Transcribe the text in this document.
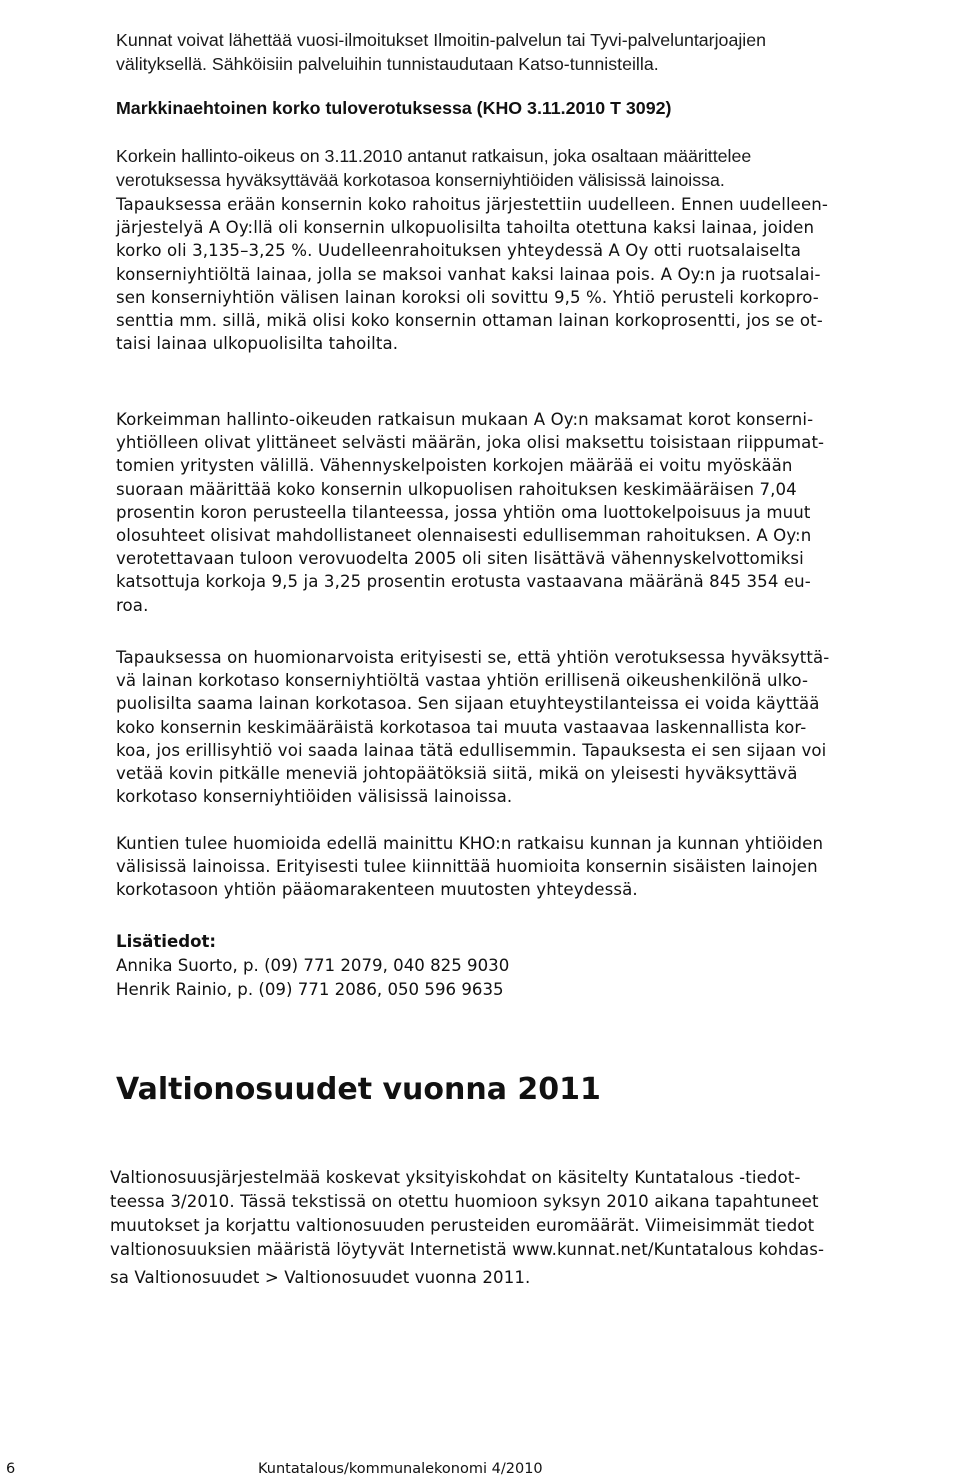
Kunnat voivat lähettää vuosi-ilmoitukset Ilmoitin-palvelun tai Tyvi-palveluntarjoajien
välityksellä. Sähköisiin palveluihin tunnistaudutaan Katso-tunnisteilla.

Markkinaehtoinen korko tuloverotuksessa (KHO 3.11.2010 T 3092)

Korkein hallinto-oikeus on 3.11.2010 antanut ratkaisun, joka osaltaan määrittelee
verotuksessa hyväksyttävää korkotasoa konserniyhtiöiden välisissä lainoissa.

Tapauksessa erään konsernin koko rahoitus järjestettiin uudelleen. Ennen uudelleen-
järjestelyä A Oy:llä oli konsernin ulkopuolisilta tahoilta otettuna kaksi lainaa, joiden
korko oli 3,135–3,25 %. Uudelleenrahoituksen yhteydessä A Oy otti ruotsalaiselta
konserniyhtiöltä lainaa, jolla se maksoi vanhat kaksi lainaa pois. A Oy:n ja ruotsalai-
sen konserniyhtiön välisen lainan koroksi oli sovittu 9,5 %. Yhtiö perusteli korkopro-
senttia mm. sillä, mikä olisi koko konsernin ottaman lainan korkoprosentti, jos se ot-
taisi lainaa ulkopuolisilta tahoilta.

Korkeimman hallinto-oikeuden ratkaisun mukaan A Oy:n maksamat korot konserni-
yhtiölleen olivat ylittäneet selvästi määrän, joka olisi maksettu toisistaan riippumat-
tomien yritysten välillä. Vähennyskelpoisten korkojen määrää ei voitu myöskään
suoraan määrittää koko konsernin ulkopuolisen rahoituksen keskimääräisen 7,04
prosentin koron perusteella tilanteessa, jossa yhtiön oma luottokelpoisuus ja muut
olosuhteet olisivat mahdollistaneet olennaisesti edullisemman rahoituksen. A Oy:n
verotettavaan tuloon verovuodelta 2005 oli siten lisättävä vähennyskelvottomiksi
katsottuja korkoja 9,5 ja 3,25 prosentin erotusta vastaavana määränä 845 354 eu-
roa.

Tapauksessa on huomionarvoista erityisesti se, että yhtiön verotuksessa hyväksyttä-
vä lainan korkotaso konserniyhtiöltä vastaa yhtiön erillisenä oikeushenkilönä ulko-
puolisilta saama lainan korkotasoa. Sen sijaan etuyhteystilanteissa ei voida käyttää
koko konsernin keskimääräistä korkotasoa tai muuta vastaavaa laskennallista kor-
koa, jos erillisyhtiö voi saada lainaa tätä edullisemmin. Tapauksesta ei sen sijaan voi
vetää kovin pitkälle meneviä johtopäätöksiä siitä, mikä on yleisesti hyväksyttävä
korkotaso konserniyhtiöiden välisissä lainoissa.

Kuntien tulee huomioida edellä mainittu KHO:n ratkaisu kunnan ja kunnan yhtiöiden
välisissä lainoissa. Erityisesti tulee kiinnittää huomioita konsernin sisäisten lainojen
korkotasoon yhtiön pääomarakenteen muutosten yhteydessä.

Lisätiedot:
Annika Suorto, p. (09) 771 2079, 040 825 9030
Henrik Rainio, p. (09) 771 2086, 050 596 9635
Valtionosuudet vuonna 2011

Valtionosuusjärjestelmää koskevat yksityiskohdat on käsitelty Kuntatalous -tiedot-
teessa 3/2010. Tässä tekstissä on otettu huomioon syksyn 2010 aikana tapahtuneet
muutokset ja korjattu valtionosuuden perusteiden euromäärät. Viimeisimmät tiedot
valtionosuuksien määristä löytyvät Internetistä www.kunnat.net/Kuntatalous kohdas-
sa Valtionosuudet > Valtionosuudet vuonna 2011.

6	Kuntatalous/kommunalekonomi 4/2010
